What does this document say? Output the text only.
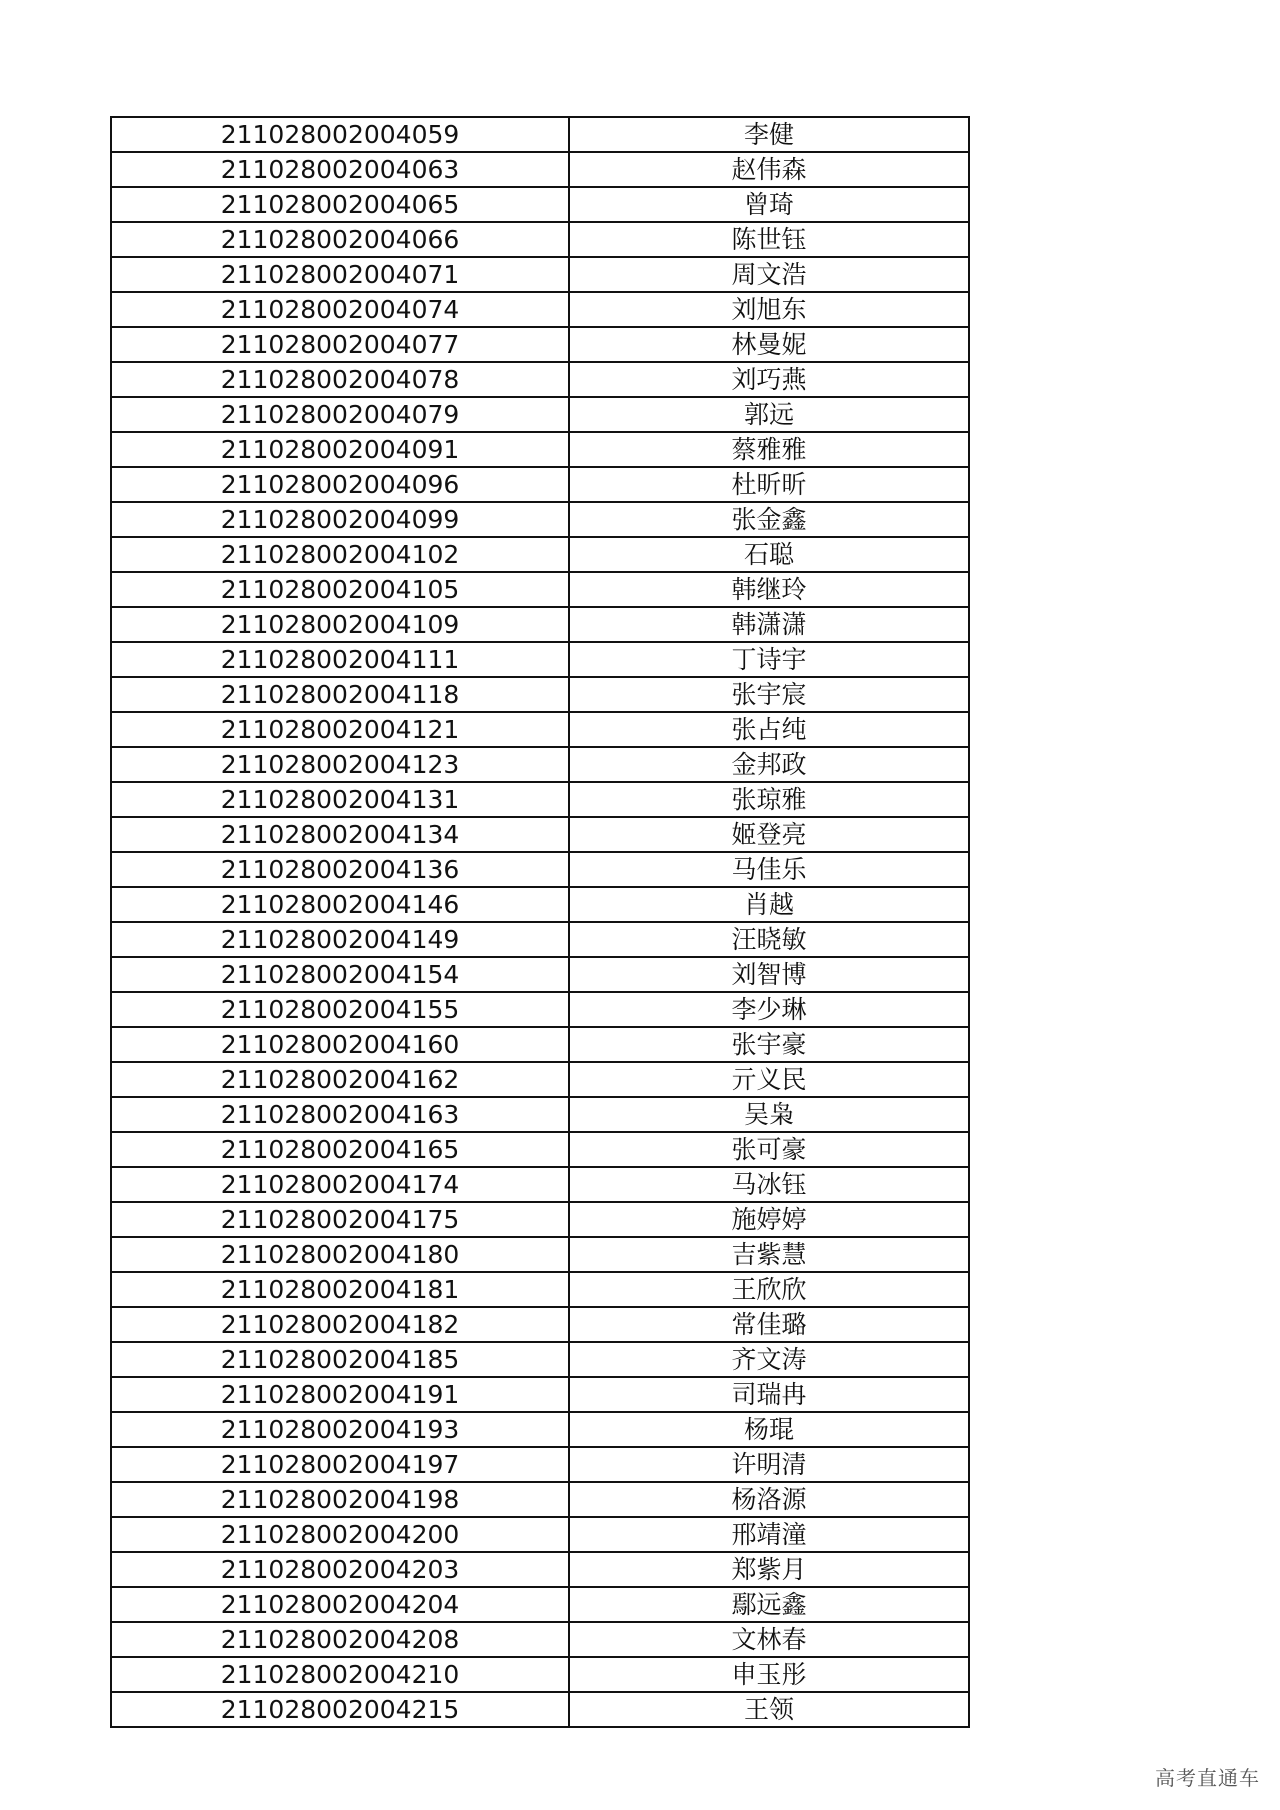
211028002004059	李健
211028002004063	赵伟森
211028002004065	曾琦
211028002004066	陈世钰
211028002004071	周文浩
211028002004074	刘旭东
211028002004077	林曼妮
211028002004078	刘巧燕
211028002004079	郭远
211028002004091	蔡雅雅
211028002004096	杜昕昕
211028002004099	张金鑫
211028002004102	石聪
211028002004105	韩继玲
211028002004109	韩潇潇
211028002004111	丁诗宇
211028002004118	张宇宸
211028002004121	张占纯
211028002004123	金邦政
211028002004131	张琼雅
211028002004134	姬登亮
211028002004136	马佳乐
211028002004146	肖越
211028002004149	汪晓敏
211028002004154	刘智博
211028002004155	李少琳
211028002004160	张宇豪
211028002004162	亓义民
211028002004163	吴枭
211028002004165	张可豪
211028002004174	马冰钰
211028002004175	施婷婷
211028002004180	吉紫慧
211028002004181	王欣欣
211028002004182	常佳璐
211028002004185	齐文涛
211028002004191	司瑞冉
211028002004193	杨琨
211028002004197	许明清
211028002004198	杨洛源
211028002004200	邢靖潼
211028002004203	郑紫月
211028002004204	鄢远鑫
211028002004208	文林春
211028002004210	申玉彤
211028002004215	王领
高考直通车
